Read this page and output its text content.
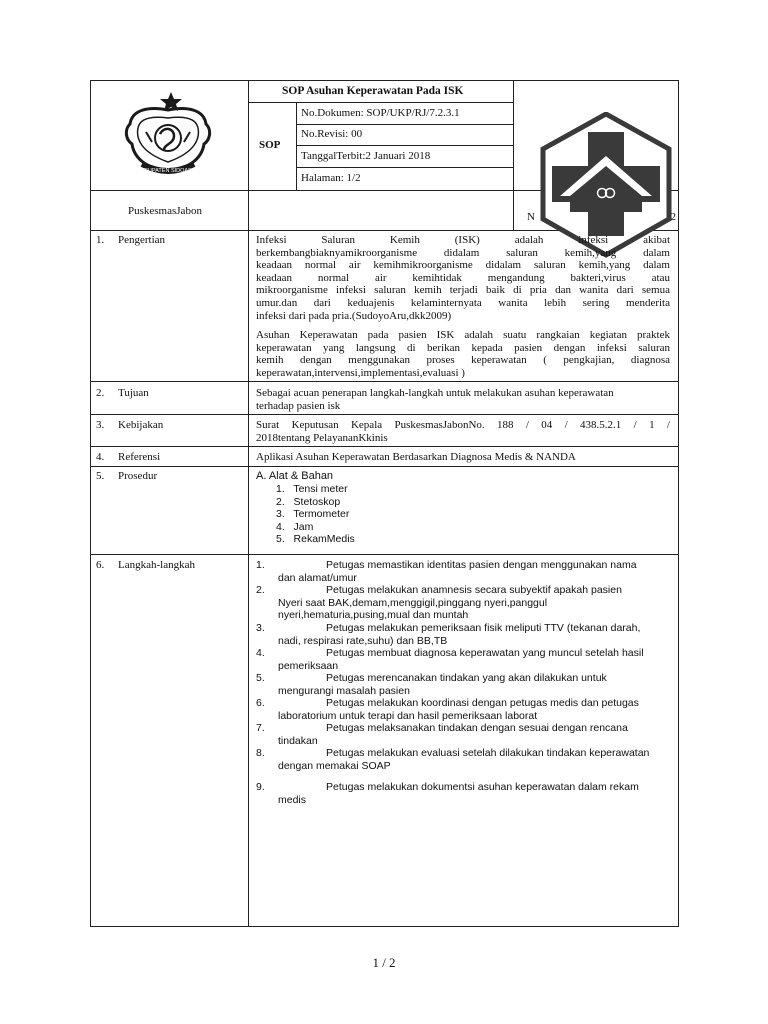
KABUPATEN SIDOARJO
SOP Asuhan Keperawatan Pada ISK
SOP
No.Dokumen: SOP/UKP/RJ/7.2.3.1
No.Revisi: 00
TanggalTerbit:2 Januari 2018
Halaman: 1/2
PuskesmasJabon	N	2
1. Pengertian	Infeksi Saluran Kemih (ISK) adalah infeksi akibat

berkembangbiaknyamikroorganisme didalam saluran kemih,yang dalam

keadaan normal air kemihmikroorganisme didalam saluran kemih,yang dalam

keadaan normal air kemihtidak mengandung bakteri,virus atau

mikroorganisme infeksi saluran kemih terjadi baik di pria dan wanita dari semua

umur.dan dari keduajenis kelaminternyata wanita lebih sering menderita

infeksi dari pada pria.(SudoyoAru,dkk2009)

Asuhan Keperawatan pada pasien ISK adalah suatu rangkaian kegiatan praktek

keperawatan yang langsung di berikan kepada pasien dengan infeksi saluran

kemih dengan menggunakan proses keperawatan ( pengkajian, diagnosa

keperawatan,intervensi,implementasi,evaluasi )

2. Tujuan	Sebagai acuan penerapan langkah-langkah untuk melakukan asuhan keperawatan
terhadap pasien isk
3. Kebijakan	Surat Keputusan Kepala PuskesmasJabonNo. 188 / 04 / 438.5.2.1 / 1 /
2018tentang PelayananKkinis
4. Referensi	Aplikasi Asuhan Keperawatan Berdasarkan Diagnosa Medis & NANDA
5. Prosedur	A. Alat & Bahan
1. Tensi meter
2. Stetoskop
3. Termometer
4. Jam
5. RekamMedis
6. Langkah-langkah	1.	Petugas memastikan identitas pasien dengan menggunakan nama
dan alamat/umur
2.	Petugas melakukan anamnesis secara subyektif apakah pasien
Nyeri saat BAK,demam,menggigil,pinggang nyeri,panggul
nyeri,hematuria,pusing,mual dan muntah
3.	Petugas melakukan pemeriksaan fisik meliputi TTV (tekanan darah,
nadi, respirasi rate,suhu) dan BB,TB
4.	Petugas membuat diagnosa keperawatan yang muncul setelah hasil
pemeriksaan
5.	Petugas merencanakan tindakan yang akan dilakukan untuk
mengurangi masalah pasien
6.	Petugas melakukan koordinasi dengan petugas medis dan petugas
laboratorium untuk terapi dan hasil pemeriksaan laborat
7.	Petugas melaksanakan tindakan dengan sesuai dengan rencana
tindakan
8.	Petugas melakukan evaluasi setelah dilakukan tindakan keperawatan
dengan memakai SOAP
9.	Petugas melakukan dokumentsi asuhan keperawatan dalam rekam
medis
1 / 2
